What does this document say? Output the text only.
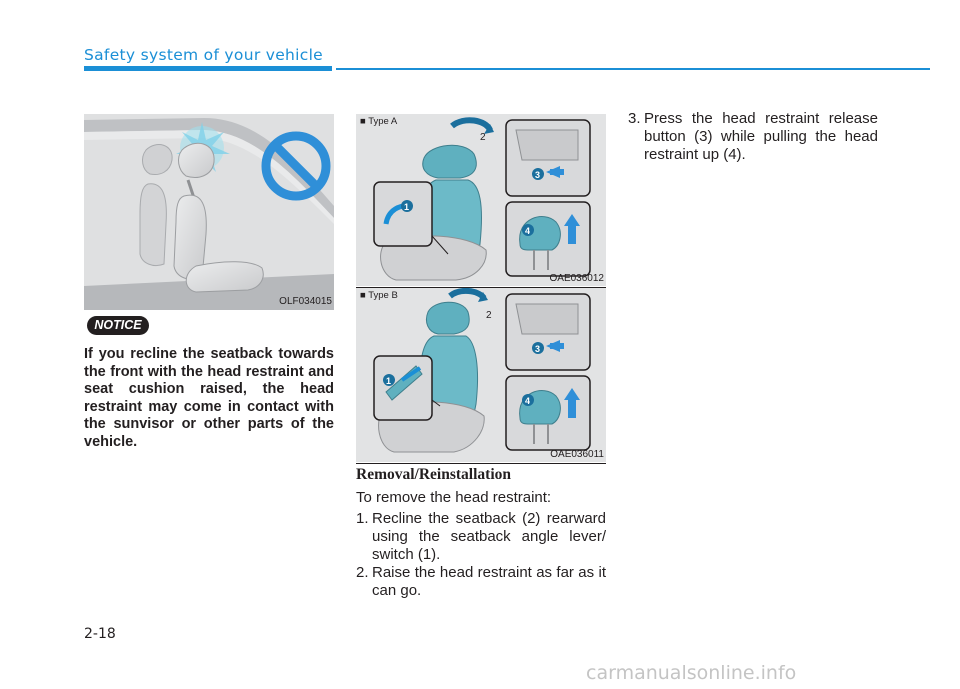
Safety system of your vehicle
OLF034015
2
1
3
4
■ Type A
OAE036012
2
1
3
4
■ Type B
OAE036011
NOTICE
If you recline the seatback towards the front with the head restraint and seat cushion raised, the head restraint may come in contact with the sunvisor or other parts of the vehicle.
Removal/Reinstallation
To remove the head restraint:
1. Recline the seatback (2) rearward using the seatback angle lever/ switch (1).
2. Raise the head restraint as far as it can go.
3. Press the head restraint release button (3) while pulling the head restraint up (4).
2-18
carmanualsonline.info
